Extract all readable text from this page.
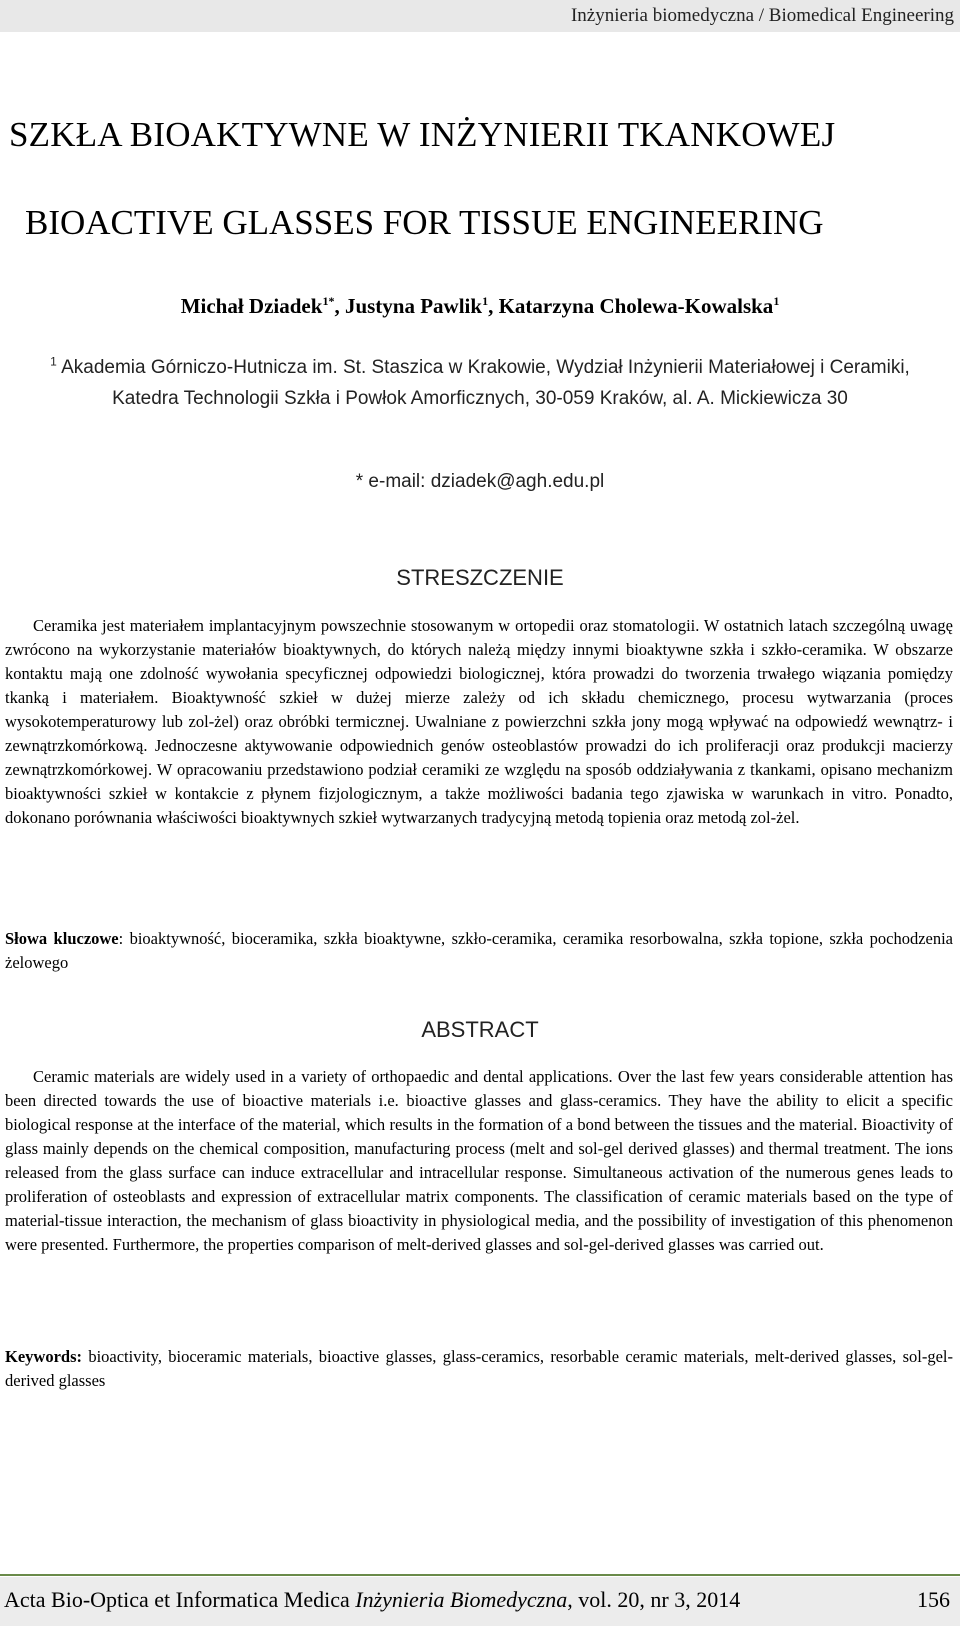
Inżynieria biomedyczna / Biomedical Engineering
SZKŁA BIOAKTYWNE W INŻYNIERII TKANKOWEJ
BIOACTIVE GLASSES FOR TISSUE ENGINEERING
Michał Dziadek$^{1*}$, Justyna Pawlik$^1$, Katarzyna Cholewa-Kowalska$^1$
$^1$ Akademia Górniczo-Hutnicza im. St. Staszica w Krakowie, Wydział Inżynierii Materiałowej i Ceramiki, Katedra Technologii Szkła i Powłok Amorficznych, 30-059 Kraków, al. A. Mickiewicza 30
* e-mail: dziadek@agh.edu.pl
STRESZCZENIE
Ceramika jest materiałem implantacyjnym powszechnie stosowanym w ortopedii oraz stomatologii. W ostatnich latach szczególną uwagę zwrócono na wykorzystanie materiałów bioaktywnych, do których należą między innymi bioaktywne szkła i szkło-ceramika. W obszarze kontaktu mają one zdolność wywołania specyficznej odpowiedzi biologicznej, która prowadzi do tworzenia trwałego wiązania pomiędzy tkanką i materiałem. Bioaktywność szkieł w dużej mierze zależy od ich składu chemicznego, procesu wytwarzania (proces wysokotemperaturowy lub zol-żel) oraz obróbki termicznej. Uwalniane z powierzchni szkła jony mogą wpływać na odpowiedź wewnątrz- i zewnątrzkomórkową. Jednoczesne aktywowanie odpowiednich genów osteoblastów prowadzi do ich proliferacji oraz produkcji macierzy zewnątrzkomórkowej. W opracowaniu przedstawiono podział ceramiki ze względu na sposób oddziaływania z tkankami, opisano mechanizm bioaktywności szkieł w kontakcie z płynem fizjologicznym, a także możliwości badania tego zjawiska w warunkach in vitro. Ponadto, dokonano porównania właściwości bioaktywnych szkieł wytwarzanych tradycyjną metodą topienia oraz metodą zol-żel.
Słowa kluczowe: bioaktywność, bioceramika, szkła bioaktywne, szkło-ceramika, ceramika resorbowalna, szkła topione, szkła pochodzenia żelowego
ABSTRACT
Ceramic materials are widely used in a variety of orthopaedic and dental applications. Over the last few years considerable attention has been directed towards the use of bioactive materials i.e. bioactive glasses and glass-ceramics. They have the ability to elicit a specific biological response at the interface of the material, which results in the formation of a bond between the tissues and the material. Bioactivity of glass mainly depends on the chemical composition, manufacturing process (melt and sol-gel derived glasses) and thermal treatment. The ions released from the glass surface can induce extracellular and intracellular response. Simultaneous activation of the numerous genes leads to proliferation of osteoblasts and expression of extracellular matrix components. The classification of ceramic materials based on the type of material-tissue interaction, the mechanism of glass bioactivity in physiological media, and the possibility of investigation of this phenomenon were presented. Furthermore, the properties comparison of melt-derived glasses and sol-gel-derived glasses was carried out.
Keywords: bioactivity, bioceramic materials, bioactive glasses, glass-ceramics, resorbable ceramic materials, melt-derived glasses, sol-gel-derived glasses
Acta Bio-Optica et Informatica Medica Inżynieria Biomedyczna, vol. 20, nr 3, 2014	156
